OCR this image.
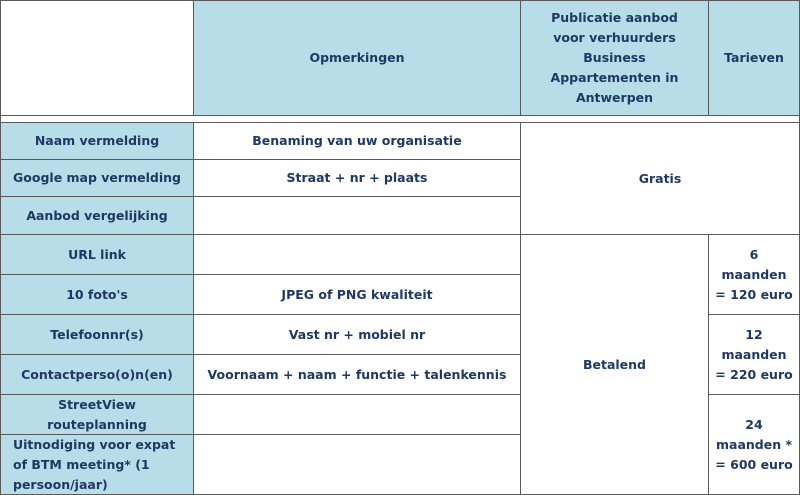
Opmerkingen
Publicatie aanbod voor verhuurders Business Appartementen in Antwerpen
Tarieven
Naam vermelding
Google map vermelding
Aanbod vergelijking
URL link
10 foto's
Telefoonnr(s)
Contactperso(o)n(en)
StreetView routeplanning
Uitnodiging voor expat of BTM meeting* (1 persoon/jaar)
Benaming van uw organisatie
Straat + nr + plaats
JPEG of PNG kwaliteit
Vast nr + mobiel nr
Voornaam + naam + functie + talenkennis
Gratis
Betalend
6 maanden = 120 euro
12 maanden = 220 euro
24 maanden * = 600 euro
